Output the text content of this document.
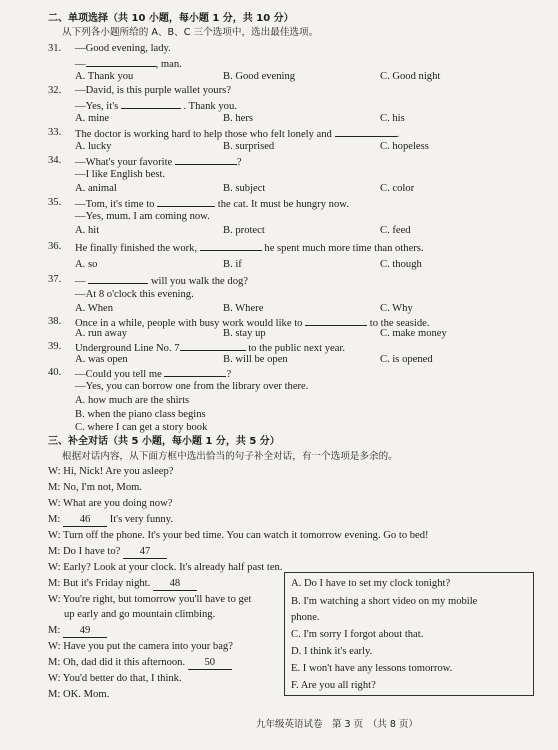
二、单项选择（共 10 小题，每小题 1 分，共 10 分）
从下列各小题所给的 A、B、C 三个选项中，选出最佳选项。
31. —Good evening, lady.
—	, man.
A. Thank you	B. Good evening	C. Good night
32. —David, is this purple wallet yours?
—Yes, it's	. Thank you.
A. mine	B. hers	C. his
33. The doctor is working hard to help those who felt lonely and	.
A. lucky	B. surprised	C. hopeless
34. —What's your favorite	?
—I like English best.
A. animal	B. subject	C. color
35. —Tom, it's time to	the cat. It must be hungry now.
—Yes, mum. I am coming now.
A. hit	B. protect	C. feed
36. He finally finished the work,	he spent much more time than others.
A. so	B. if	C. though
37. —	will you walk the dog?
—At 8 o'clock this evening.
A. When	B. Where	C. Why
38. Once in a while, people with busy work would like to	to the seaside.
A. run away	B. stay up	C. make money
39. Underground Line No. 7	to the public next year.
A. was open	B. will be open	C. is opened
40. —Could you tell me	?
—Yes, you can borrow one from the library over there.
A. how much are the shirts
B. when the piano class begins
C. where I can get a story book
三、补全对话（共 5 小题，每小题 1 分，共 5 分）
根据对话内容，从下面方框中选出恰当的句子补全对话，有一个选项是多余的。
W: Hi, Nick! Are you asleep?
M: No, I'm not, Mom.
W: What are you doing now?
M: 46 It's very funny.
W: Turn off the phone. It's your bed time. You can watch it tomorrow evening. Go to bed!
M: Do I have to? 47
W: Early? Look at your clock. It's already half past ten.
M: But it's Friday night. 48
W: You're right, but tomorrow you'll have to get
up early and go mountain climbing.
M: 49
W: Have you put the camera into your bag?
M: Oh, dad did it this afternoon. 50
W: You'd better do that, I think.
M: OK. Mom.
A. Do I have to set my clock tonight?
B. I'm watching a short video on my mobile
phone.
C. I'm sorry I forgot about that.
D. I think it's early.
E. I won't have any lessons tomorrow.
F. Are you all right?
九年级英语试卷　第 3 页　（共 8 页）
